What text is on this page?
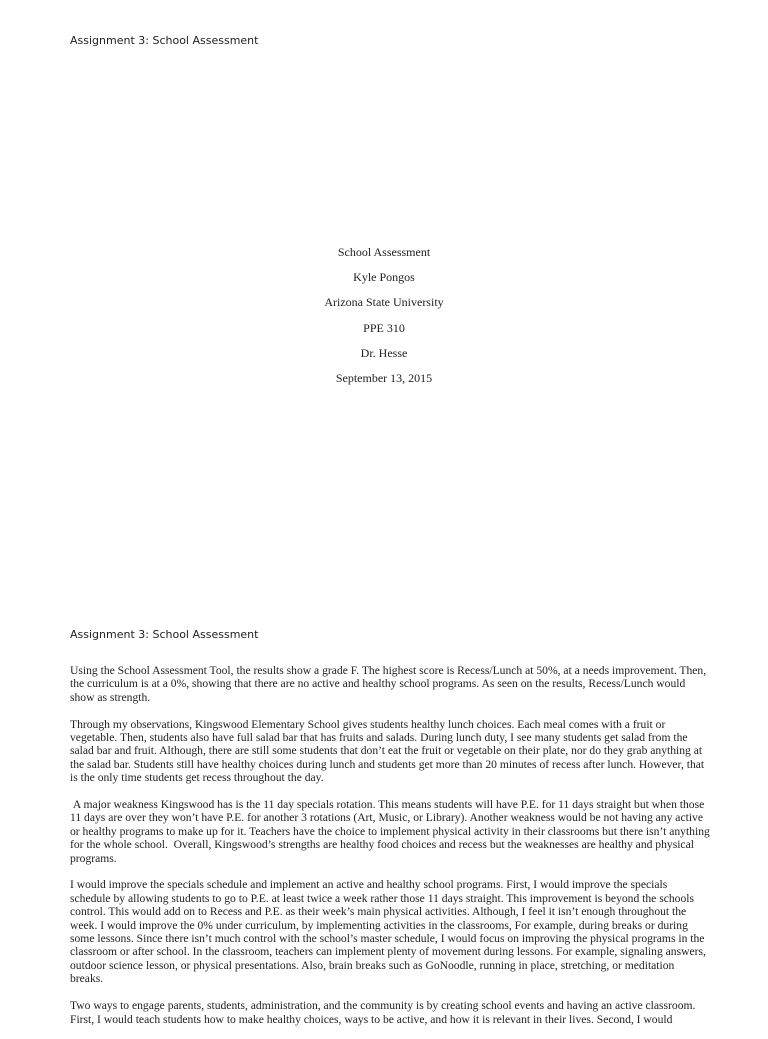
Assignment 3: School Assessment
School Assessment
Kyle Pongos
Arizona State University
PPE 310
Dr. Hesse
September 13, 2015
Assignment 3: School Assessment

Using the School Assessment Tool, the results show a grade F. The highest score is Recess/Lunch at 50%, at a needs improvement. Then, the curriculum is at a 0%, showing that there are no active and healthy school programs. As seen on the results, Recess/Lunch would show as strength.

Through my observations, Kingswood Elementary School gives students healthy lunch choices. Each meal comes with a fruit or vegetable. Then, students also have full salad bar that has fruits and salads. During lunch duty, I see many students get salad from the salad bar and fruit. Although, there are still some students that don’t eat the fruit or vegetable on their plate, nor do they grab anything at the salad bar. Students still have healthy choices during lunch and students get more than 20 minutes of recess after lunch. However, that is the only time students get recess throughout the day.

A major weakness Kingswood has is the 11 day specials rotation. This means students will have P.E. for 11 days straight but when those 11 days are over they won’t have P.E. for another 3 rotations (Art, Music, or Library). Another weakness would be not having any active or healthy programs to make up for it. Teachers have the choice to implement physical activity in their classrooms but there isn’t anything for the whole school.  Overall, Kingswood’s strengths are healthy food choices and recess but the weaknesses are healthy and physical programs.

I would improve the specials schedule and implement an active and healthy school programs. First, I would improve the specials schedule by allowing students to go to P.E. at least twice a week rather those 11 days straight. This improvement is beyond the schools control. This would add on to Recess and P.E. as their week’s main physical activities. Although, I feel it isn’t enough throughout the week. I would improve the 0% under curriculum, by implementing activities in the classrooms, For example, during breaks or during some lessons. Since there isn’t much control with the school’s master schedule, I would focus on improving the physical programs in the classroom or after school. In the classroom, teachers can implement plenty of movement during lessons. For example, signaling answers, outdoor science lesson, or physical presentations. Also, brain breaks such as GoNoodle, running in place, stretching, or meditation breaks.

Two ways to engage parents, students, administration, and the community is by creating school events and having an active classroom. First, I would teach students how to make healthy choices, ways to be active, and how it is relevant in their lives. Second, I would
